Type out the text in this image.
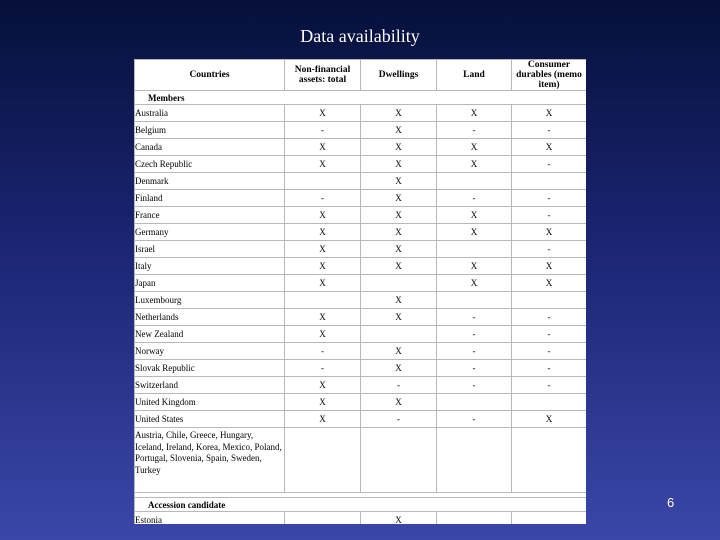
Data availability
Countries	Non-financial assets: total	Dwellings	Land	Consumer durables (memo item)
Members				
Australia	X	X	X	X
Belgium	-	X	-	-
Canada	X	X	X	X
Czech Republic	X	X	X	-
Denmark		X		
Finland	-	X	-	-
France	X	X	X	-
Germany	X	X	X	X
Israel	X	X		-
Italy	X	X	X	X
Japan	X		X	X
Luxembourg		X		
Netherlands	X	X	-	-
New Zealand	X		-	-
Norway	-	X	-	-
Slovak Republic	-	X	-	-
Switzerland	X	-	-	-
United Kingdom	X	X		
United States	X	-	-	X
Austria, Chile, Greece, Hungary, Iceland, Ireland, Korea, Mexico, Poland, Portugal, Slovenia, Spain, Sweden, Turkey				

Accession candidate				
Estonia		X		
6
